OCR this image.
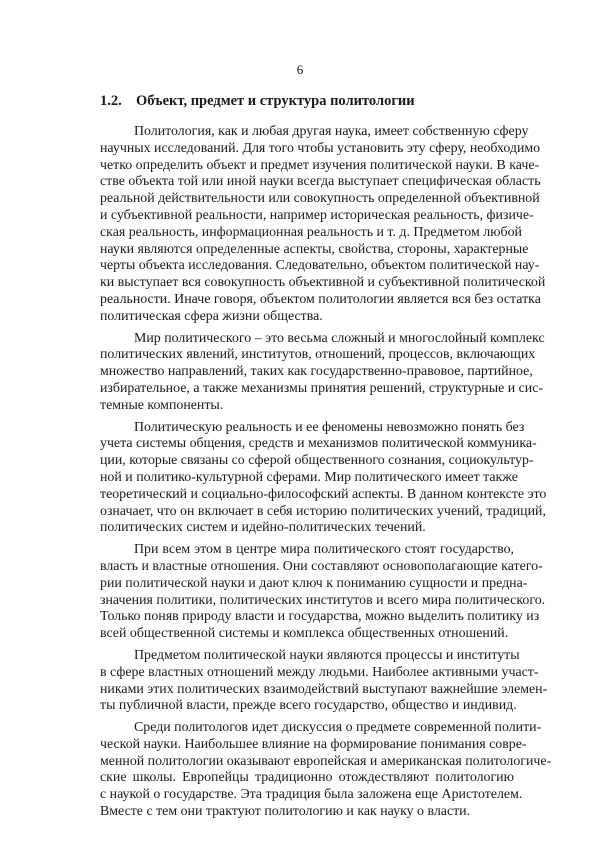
6
1.2. Объект, предмет и структура политологии
Политология, как и любая другая наука, имеет собственную сферу
научных исследований. Для того чтобы установить эту сферу, необходимо
четко определить объект и предмет изучения политической науки. В каче-
стве объекта той или иной науки всегда выступает специфическая область
реальной действительности или совокупность определенной объективной
и субъективной реальности, например историческая реальность, физиче-
ская реальность, информационная реальность и т. д. Предметом любой
науки являются определенные аспекты, свойства, стороны, характерные
черты объекта исследования. Следовательно, объектом политической нау-
ки выступает вся совокупность объективной и субъективной политической
реальности. Иначе говоря, объектом политологии является вся без остатка
политическая сфера жизни общества.
Мир политического – это весьма сложный и многослойный комплекс
политических явлений, институтов, отношений, процессов, включающих
множество направлений, таких как государственно-правовое, партийное,
избирательное, а также механизмы принятия решений, структурные и сис-
темные компоненты.
Политическую реальность и ее феномены невозможно понять без
учета системы общения, средств и механизмов политической коммуника-
ции, которые связаны со сферой общественного сознания, социокультур-
ной и политико-культурной сферами. Мир политического имеет также
теоретический и социально-философский аспекты. В данном контексте это
означает, что он включает в себя историю политических учений, традиций,
политических систем и идейно-политических течений.
При всем этом в центре мира политического стоят государство,
власть и властные отношения. Они составляют основополагающие катего-
рии политической науки и дают ключ к пониманию сущности и предна-
значения политики, политических институтов и всего мира политического.
Только поняв природу власти и государства, можно выделить политику из
всей общественной системы и комплекса общественных отношений.
Предметом политической науки являются процессы и институты
в сфере властных отношений между людьми. Наиболее активными участ-
никами этих политических взаимодействий выступают важнейшие элемен-
ты публичной власти, прежде всего государство, общество и индивид.
Среди политологов идет дискуссия о предмете современной полити-
ческой науки. Наибольшее влияние на формирование понимания совре-
менной политологии оказывают европейская и американская политологиче-
ские школы. Европейцы традиционно отождествляют политологию
с наукой о государстве. Эта традиция была заложена еще Аристотелем.
Вместе с тем они трактуют политологию и как науку о власти.
